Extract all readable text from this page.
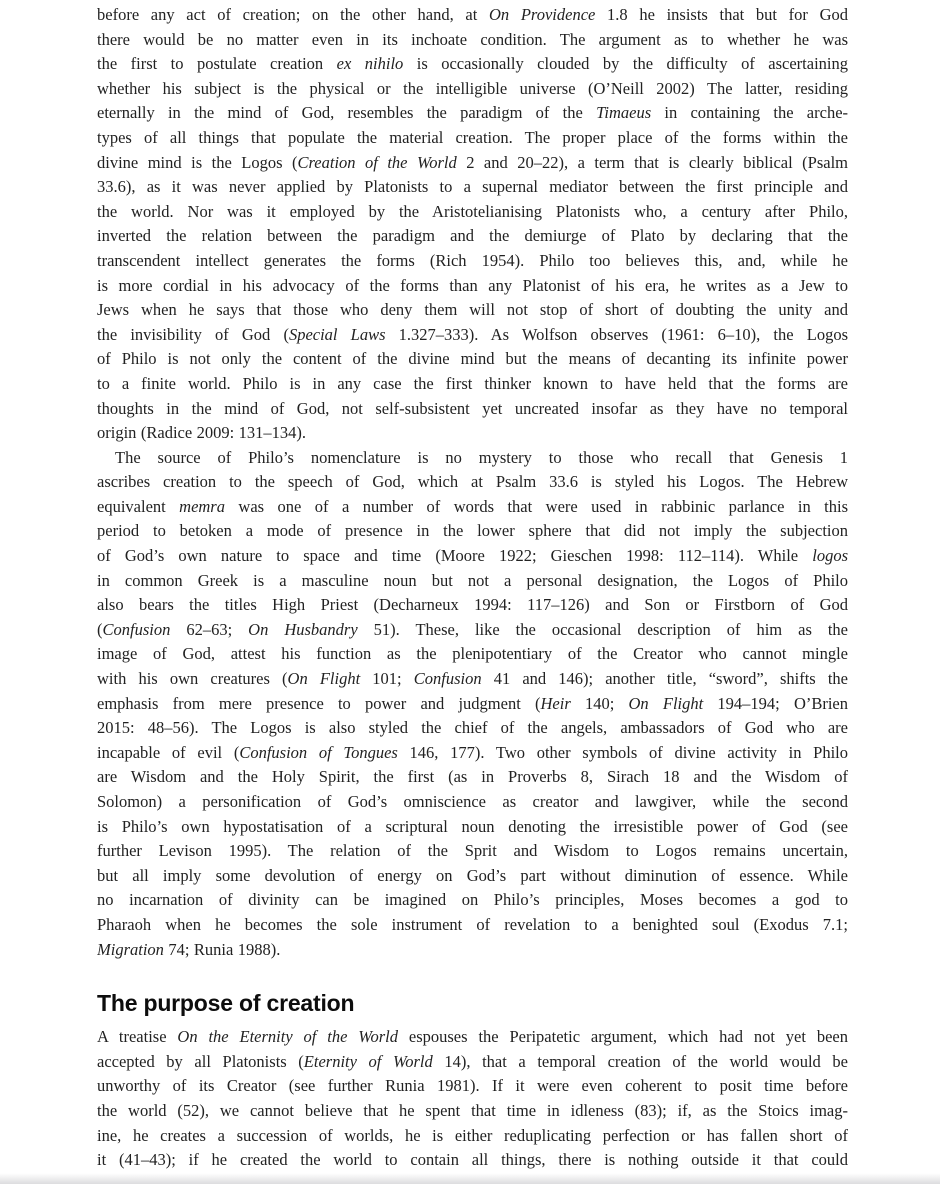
before any act of creation; on the other hand, at On Providence 1.8 he insists that but for God
there would be no matter even in its inchoate condition. The argument as to whether he was
the first to postulate creation ex nihilo is occasionally clouded by the difficulty of ascertaining
whether his subject is the physical or the intelligible universe (O’Neill 2002) The latter, residing
eternally in the mind of God, resembles the paradigm of the Timaeus in containing the arche-
types of all things that populate the material creation. The proper place of the forms within the
divine mind is the Logos (Creation of the World 2 and 20–22), a term that is clearly biblical (Psalm
33.6), as it was never applied by Platonists to a supernal mediator between the first principle and
the world. Nor was it employed by the Aristotelianising Platonists who, a century after Philo,
inverted the relation between the paradigm and the demiurge of Plato by declaring that the
transcendent intellect generates the forms (Rich 1954). Philo too believes this, and, while he
is more cordial in his advocacy of the forms than any Platonist of his era, he writes as a Jew to
Jews when he says that those who deny them will not stop of short of doubting the unity and
the invisibility of God (Special Laws 1.327–333). As Wolfson observes (1961: 6–10), the Logos
of Philo is not only the content of the divine mind but the means of decanting its infinite power
to a finite world. Philo is in any case the first thinker known to have held that the forms are
thoughts in the mind of God, not self-subsistent yet uncreated insofar as they have no temporal
origin (Radice 2009: 131–134).
The source of Philo’s nomenclature is no mystery to those who recall that Genesis 1
ascribes creation to the speech of God, which at Psalm 33.6 is styled his Logos. The Hebrew
equivalent memra was one of a number of words that were used in rabbinic parlance in this
period to betoken a mode of presence in the lower sphere that did not imply the subjection
of God’s own nature to space and time (Moore 1922; Gieschen 1998: 112–114). While logos
in common Greek is a masculine noun but not a personal designation, the Logos of Philo
also bears the titles High Priest (Decharneux 1994: 117–126) and Son or Firstborn of God
(Confusion 62–63; On Husbandry 51). These, like the occasional description of him as the
image of God, attest his function as the plenipotentiary of the Creator who cannot mingle
with his own creatures (On Flight 101; Confusion 41 and 146); another title, “sword”, shifts the
emphasis from mere presence to power and judgment (Heir 140; On Flight 194–194; O’Brien
2015: 48–56). The Logos is also styled the chief of the angels, ambassadors of God who are
incapable of evil (Confusion of Tongues 146, 177). Two other symbols of divine activity in Philo
are Wisdom and the Holy Spirit, the first (as in Proverbs 8, Sirach 18 and the Wisdom of
Solomon) a personification of God’s omniscience as creator and lawgiver, while the second
is Philo’s own hypostatisation of a scriptural noun denoting the irresistible power of God (see
further Levison 1995). The relation of the Sprit and Wisdom to Logos remains uncertain,
but all imply some devolution of energy on God’s part without diminution of essence. While
no incarnation of divinity can be imagined on Philo’s principles, Moses becomes a god to
Pharaoh when he becomes the sole instrument of revelation to a benighted soul (Exodus 7.1;
Migration 74; Runia 1988).
The purpose of creation
A treatise On the Eternity of the World espouses the Peripatetic argument, which had not yet been
accepted by all Platonists (Eternity of World 14), that a temporal creation of the world would be
unworthy of its Creator (see further Runia 1981). If it were even coherent to posit time before
the world (52), we cannot believe that he spent that time in idleness (83); if, as the Stoics imag-
ine, he creates a succession of worlds, he is either reduplicating perfection or has fallen short of
it (41–43); if he created the world to contain all things, there is nothing outside it that could
